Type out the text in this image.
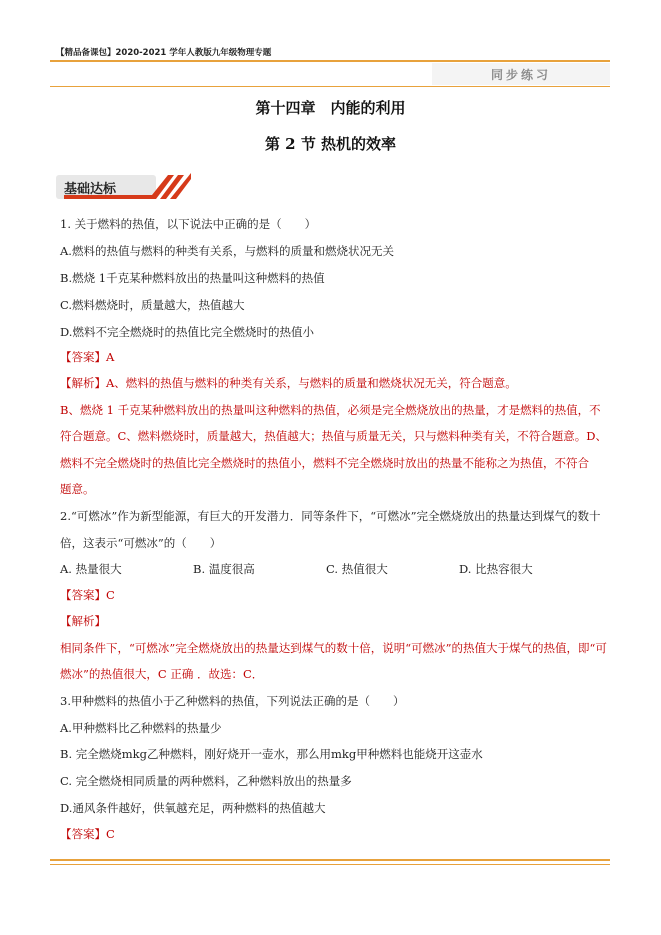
【精品备课包】2020-2021 学年人教版九年级物理专题
同步练习
第十四章　内能的利用
第 2 节 热机的效率
基础达标
1. 关于燃料的热值，以下说法中正确的是（　　）
A.燃料的热值与燃料的种类有关系，与燃料的质量和燃烧状况无关
B.燃烧 1千克某种燃料放出的热量叫这种燃料的热值
C.燃料燃烧时，质量越大，热值越大
D.燃料不完全燃烧时的热值比完全燃烧时的热值小
【答案】A
【解析】A、燃料的热值与燃料的种类有关系，与燃料的质量和燃烧状况无关，符合题意。
B、燃烧 1 千克某种燃料放出的热量叫这种燃料的热值，必须是完全燃烧放出的热量，才是燃料的热值，不
符合题意。C、燃料燃烧时，质量越大，热值越大；热值与质量无关，只与燃料种类有关，不符合题意。D、
燃料不完全燃烧时的热值比完全燃烧时的热值小，燃料不完全燃烧时放出的热量不能称之为热值，不符合
题意。
2.“可燃冰”作为新型能源，有巨大的开发潜力．同等条件下，“可燃冰”完全燃烧放出的热量达到煤气的数十
倍，这表示“可燃冰”的（　　）
A. 热量很大	B. 温度很高	C. 热值很大	D. 比热容很大
【答案】C
【解析】
相同条件下，“可燃冰”完全燃烧放出的热量达到煤气的数十倍，说明“可燃冰”的热值大于煤气的热值，即“可
燃冰”的热值很大，C 正确 ．故选：C．
3.甲种燃料的热值小于乙种燃料的热值，下列说法正确的是（　　）
A.甲种燃料比乙种燃料的热量少
B. 完全燃烧mkg乙种燃料，刚好烧开一壶水，那么用mkg甲种燃料也能烧开这壶水
C. 完全燃烧相同质量的两种燃料，乙种燃料放出的热量多
D.通风条件越好，供氧越充足，两种燃料的热值越大
【答案】C
